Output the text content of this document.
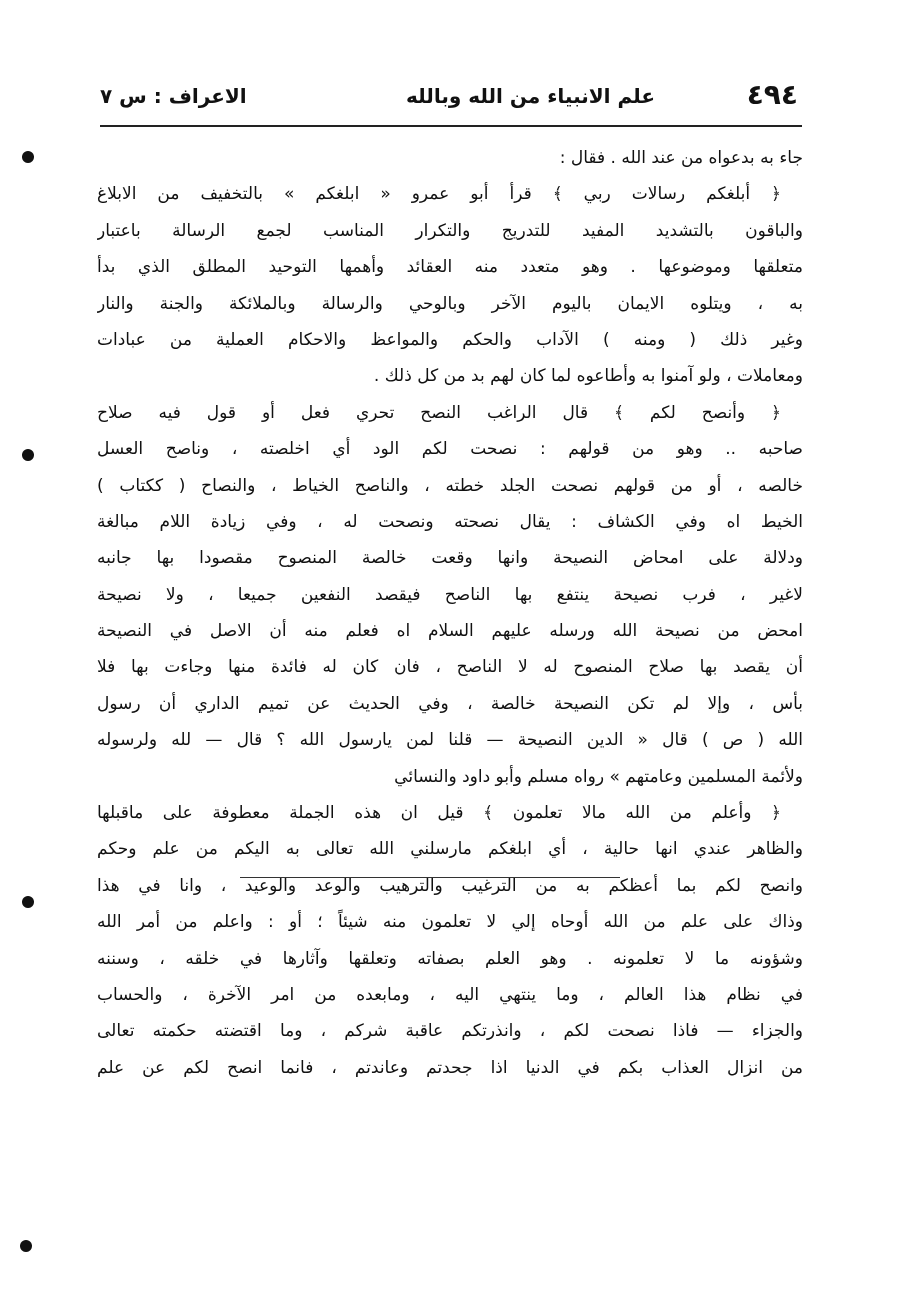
٤٩٤
علم الانبياء من الله وبالله
الاعراف : س ٧
جاء به بدعواه من عند الله . فقال :
﴿ أبلغكم رسالات ربي ﴾ قرأ أبو عمرو « ابلغكم » بالتخفيف من الابلاغ
والباقون بالتشديد المفيد للتدريج والتكرار المناسب لجمع الرسالة باعتبار
متعلقها وموضوعها . وهو متعدد منه العقائد وأهمها التوحيد المطلق الذي بدأ
به ، ويتلوه الايمان باليوم الآخر وبالوحي والرسالة وبالملائكة والجنة والنار
وغير ذلك ( ومنه ) الآداب والحكم والمواعظ والاحكام العملية من عبادات
ومعاملات ، ولو آمنوا به وأطاعوه لما كان لهم بد من كل ذلك .
﴿ وأنصح لكم ﴾ قال الراغب النصح تحري فعل أو قول فيه صلاح
صاحبه .. وهو من قولهم : نصحت لكم الود أي اخلصته ، وناصح العسل
خالصه ، أو من قولهم نصحت الجلد خطته ، والناصح الخياط ، والنصاح ( ككتاب )
الخيط اه وفي الكشاف : يقال نصحته ونصحت له ، وفي زيادة اللام مبالغة
ودلالة على امحاض النصيحة وانها وقعت خالصة المنصوح مقصودا بها جانبه
لاغير ، فرب نصيحة ينتفع بها الناصح فيقصد النفعين جميعا ، ولا نصيحة
امحض من نصيحة الله ورسله عليهم السلام اه فعلم منه أن الاصل في النصيحة
أن يقصد بها صلاح المنصوح له لا الناصح ، فان كان له فائدة منها وجاءت بها فلا
بأس ، وإلا لم تكن النصيحة خالصة ، وفي الحديث عن تميم الداري أن رسول
الله ( ص ) قال « الدين النصيحة — قلنا لمن يارسول الله ؟ قال — لله ولرسوله
ولأئمة المسلمين وعامتهم » رواه مسلم وأبو داود والنسائي
﴿ وأعلم من الله مالا تعلمون ﴾ قيل ان هذه الجملة معطوفة على ماقبلها
والظاهر عندي انها حالية ، أي ابلغكم مارسلني الله تعالى به اليكم من علم وحكم
وانصح لكم بما أعظكم به من الترغيب والترهيب والوعد والوعيد ، وانا في هذا
وذاك على علم من الله أوحاه إلي لا تعلمون منه شيئاً ؛ أو : واعلم من أمر الله
وشؤونه ما لا تعلمونه . وهو العلم بصفاته وتعلقها وآثارها في خلقه ، وسننه
في نظام هذا العالم ، وما ينتهي اليه ، ومابعده من امر الآخرة ، والحساب
والجزاء — فاذا نصحت لكم ، وانذرتكم عاقبة شركم ، وما اقتضته حكمته تعالى
من انزال العذاب بكم في الدنيا اذا جحدتم وعاندتم ، فانما انصح لكم عن علم
